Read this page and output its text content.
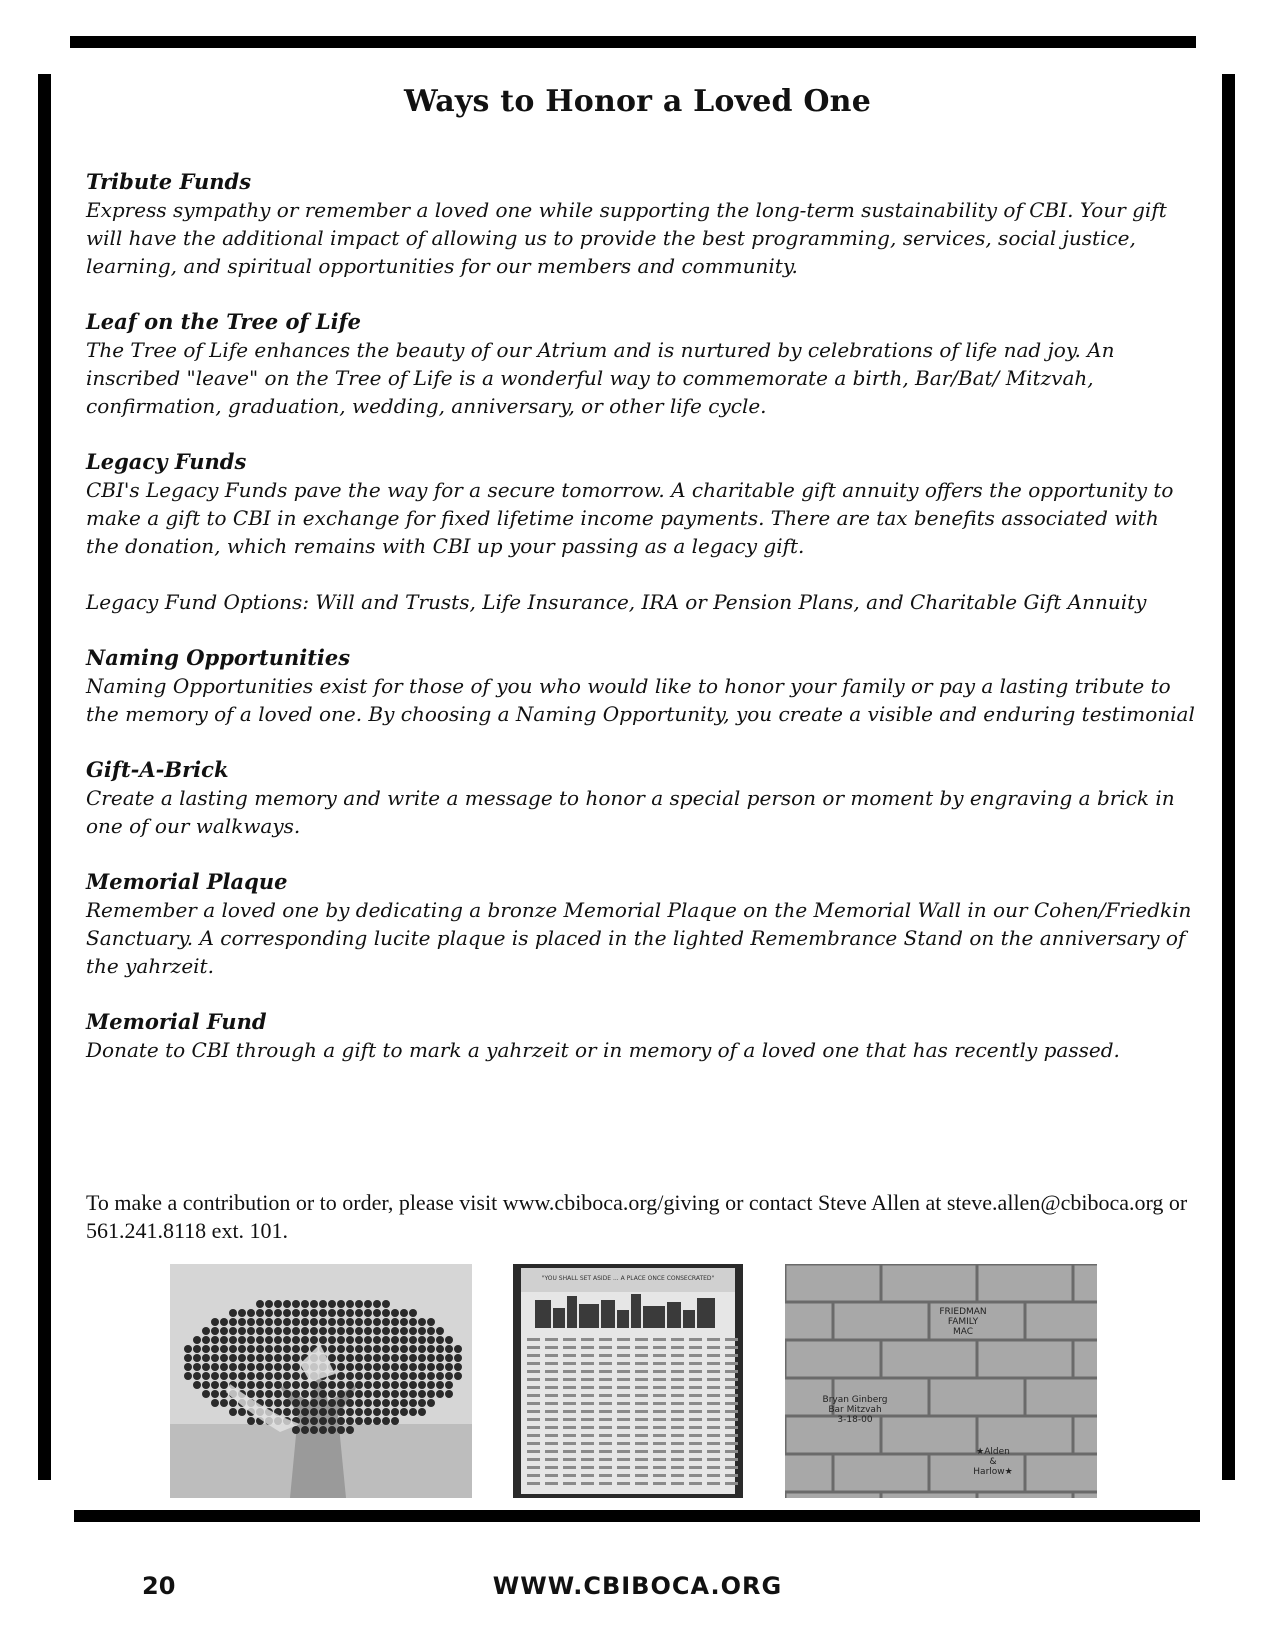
Ways to Honor a Loved One
Tribute Funds

Express sympathy or remember a loved one while supporting the long-term sustainability of CBI. Your gift will have the additional impact of allowing us to provide the best programming, services, social justice, learning, and spiritual opportunities for our members and community.

Leaf on the Tree of Life

The Tree of Life enhances the beauty of our Atrium and is nurtured by celebrations of life nad joy. An inscribed "leave" on the Tree of Life is a wonderful way to commemorate a birth, Bar/Bat/ Mitzvah, confirmation, graduation, wedding, anniversary, or other life cycle.

Legacy Funds

CBI's Legacy Funds pave the way for a secure tomorrow. A charitable gift annuity offers the opportunity to make a gift to CBI in exchange for fixed lifetime income payments. There are tax benefits associated with the donation, which remains with CBI up your passing as a legacy gift.

Legacy Fund Options: Will and Trusts, Life Insurance, IRA or Pension Plans, and Charitable Gift Annuity

Naming Opportunities

Naming Opportunities exist for those of you who would like to honor your family or pay a lasting tribute to the memory of a loved one. By choosing a Naming Opportunity, you create a visible and enduring testimonial

Gift-A-Brick

Create a lasting memory and write a message to honor a special person or moment by engraving a brick in one of our walkways.

Memorial Plaque

Remember a loved one by dedicating a bronze Memorial Plaque on the Memorial Wall in our Cohen/Friedkin Sanctuary. A corresponding lucite plaque is placed in the lighted Remembrance Stand on the anniversary of the yahrzeit.

Memorial Fund

Donate to CBI through a gift to mark a yahrzeit or in memory of a loved one that has recently passed.

To make a contribution or to order, please visit www.cbiboca.org/giving or contact Steve Allen at steve.allen@cbiboca.org or 561.241.8118 ext. 101.
"YOU SHALL SET ASIDE ... A PLACE ONCE CONSECRATED"
FRIEDMAN
FAMILY
MAC
Bryan Ginberg
Bar Mitzvah
3-18-00
★Alden
&
Harlow★
20	WWW.CBIBOCA.ORG
